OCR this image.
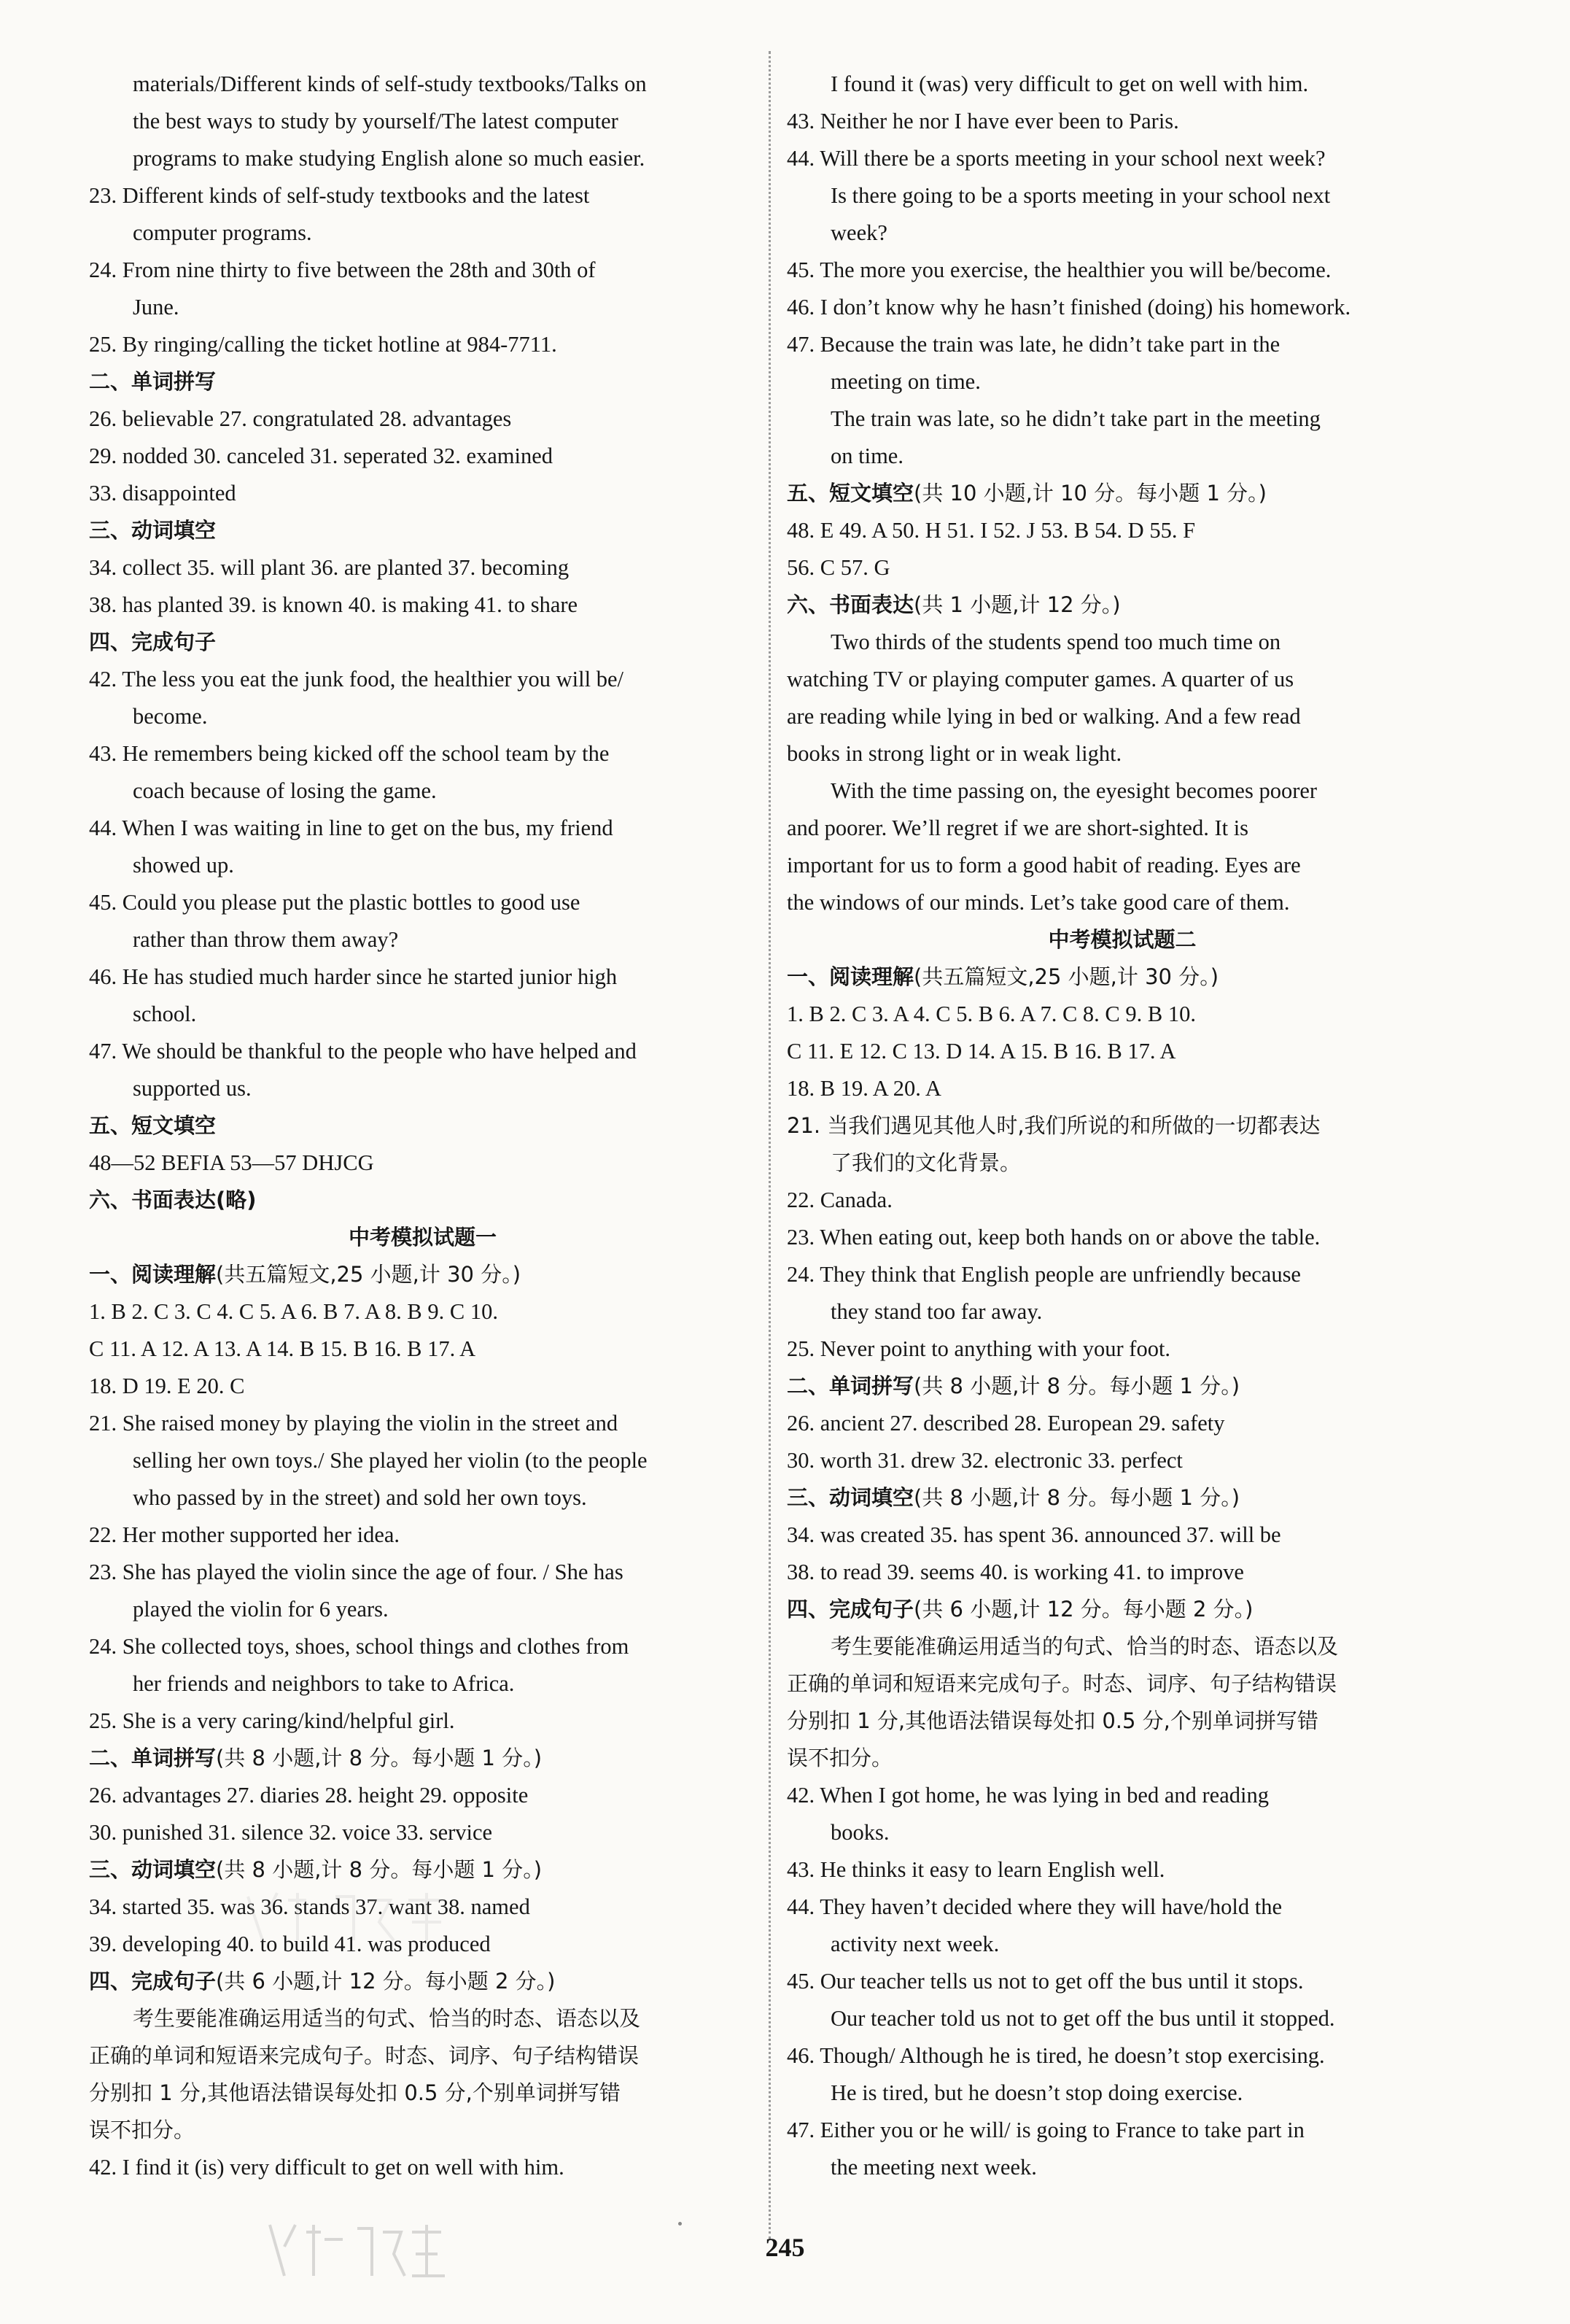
materials/Different kinds of self-study textbooks/Talks on
the best ways to study by yourself/The latest computer
programs to make studying English alone so much easier.
23. Different kinds of self-study textbooks and the latest
computer programs.
24. From nine thirty to five between the 28th and 30th of
June.
25. By ringing/calling the ticket hotline at 984-7711.
二、单词拼写
26. believable 27. congratulated 28. advantages
29. nodded 30. canceled 31. seperated 32. examined
33. disappointed
三、动词填空
34. collect 35. will plant 36. are planted 37. becoming
38. has planted 39. is known 40. is making 41. to share
四、完成句子
42. The less you eat the junk food, the healthier you will be/
become.
43. He remembers being kicked off the school team by the
coach because of losing the game.
44. When I was waiting in line to get on the bus, my friend
showed up.
45. Could you please put the plastic bottles to good use
rather than throw them away?
46. He has studied much harder since he started junior high
school.
47. We should be thankful to the people who have helped and
supported us.
五、短文填空
48—52 BEFIA 53—57 DHJCG
六、书面表达(略)
中考模拟试题一
一、阅读理解(共五篇短文,25 小题,计 30 分。)
1. B 2. C 3. C 4. C 5. A 6. B 7. A 8. B 9. C 10.
C 11. A 12. A 13. A 14. B 15. B 16. B 17. A
18. D 19. E 20. C
21. She raised money by playing the violin in the street and
selling her own toys./ She played her violin (to the people
who passed by in the street) and sold her own toys.
22. Her mother supported her idea.
23. She has played the violin since the age of four. / She has
played the violin for 6 years.
24. She collected toys, shoes, school things and clothes from
her friends and neighbors to take to Africa.
25. She is a very caring/kind/helpful girl.
二、单词拼写(共 8 小题,计 8 分。每小题 1 分。)
26. advantages 27. diaries 28. height 29. opposite
30. punished 31. silence 32. voice 33. service
三、动词填空(共 8 小题,计 8 分。每小题 1 分。)
34. started 35. was 36. stands 37. want 38. named
39. developing 40. to build 41. was produced
四、完成句子(共 6 小题,计 12 分。每小题 2 分。)
考生要能准确运用适当的句式、恰当的时态、语态以及
正确的单词和短语来完成句子。时态、词序、句子结构错误
分别扣 1 分,其他语法错误每处扣 0.5 分,个别单词拼写错
误不扣分。
42. I find it (is) very difficult to get on well with him.
I found it (was) very difficult to get on well with him.
43. Neither he nor I have ever been to Paris.
44. Will there be a sports meeting in your school next week?
Is there going to be a sports meeting in your school next
week?
45. The more you exercise, the healthier you will be/become.
46. I don’t know why he hasn’t finished (doing) his homework.
47. Because the train was late, he didn’t take part in the
meeting on time.
The train was late, so he didn’t take part in the meeting
on time.
五、短文填空(共 10 小题,计 10 分。每小题 1 分。)
48. E 49. A 50. H 51. I 52. J 53. B 54. D 55. F
56. C 57. G
六、书面表达(共 1 小题,计 12 分。)
Two thirds of the students spend too much time on
watching TV or playing computer games. A quarter of us
are reading while lying in bed or walking. And a few read
books in strong light or in weak light.
With the time passing on, the eyesight becomes poorer
and poorer. We’ll regret if we are short-sighted. It is
important for us to form a good habit of reading. Eyes are
the windows of our minds. Let’s take good care of them.
中考模拟试题二
一、阅读理解(共五篇短文,25 小题,计 30 分。)
1. B 2. C 3. A 4. C 5. B 6. A 7. C 8. C 9. B 10.
C 11. E 12. C 13. D 14. A 15. B 16. B 17. A
18. B 19. A 20. A
21. 当我们遇见其他人时,我们所说的和所做的一切都表达
了我们的文化背景。
22. Canada.
23. When eating out, keep both hands on or above the table.
24. They think that English people are unfriendly because
they stand too far away.
25. Never point to anything with your foot.
二、单词拼写(共 8 小题,计 8 分。每小题 1 分。)
26. ancient 27. described 28. European 29. safety
30. worth 31. drew 32. electronic 33. perfect
三、动词填空(共 8 小题,计 8 分。每小题 1 分。)
34. was created 35. has spent 36. announced 37. will be
38. to read 39. seems 40. is working 41. to improve
四、完成句子(共 6 小题,计 12 分。每小题 2 分。)
考生要能准确运用适当的句式、恰当的时态、语态以及
正确的单词和短语来完成句子。时态、词序、句子结构错误
分别扣 1 分,其他语法错误每处扣 0.5 分,个别单词拼写错
误不扣分。
42. When I got home, he was lying in bed and reading
books.
43. He thinks it easy to learn English well.
44. They haven’t decided where they will have/hold the
activity next week.
45. Our teacher tells us not to get off the bus until it stops.
Our teacher told us not to get off the bus until it stopped.
46. Though/ Although he is tired, he doesn’t stop exercising.
He is tired, but he doesn’t stop doing exercise.
47. Either you or he will/ is going to France to take part in
the meeting next week.
245
